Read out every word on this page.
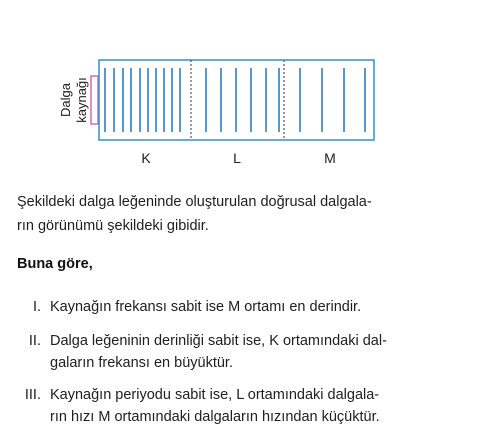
Dalga kaynağı
K	L	M
Şekildeki dalga leğeninde oluşturulan doğrusal dalgala-
rın görünümü şekildeki gibidir.
Buna göre,
I. Kaynağın frekansı sabit ise M ortamı en derindir.
II. Dalga leğeninin derinliği sabit ise, K ortamındaki dal-
gaların frekansı en büyüktür.
III. Kaynağın periyodu sabit ise, L ortamındaki dalgala-
rın hızı M ortamındaki dalgaların hızından küçüktür.
